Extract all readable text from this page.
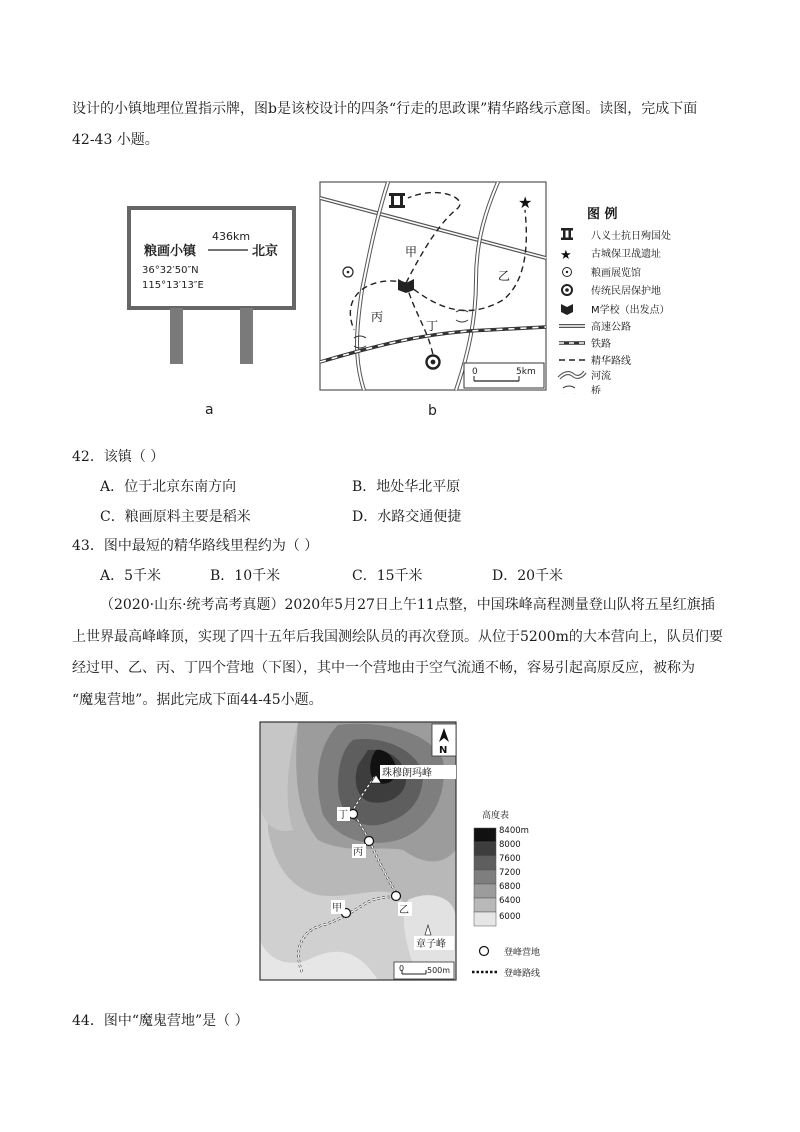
设计的小镇地理位置指示牌，图b是该校设计的四条“行走的思政课”精华路线示意图。读图，完成下面
42-43 小题。
粮画小镇
436km
北京
36°32′50″N
115°13′13″E
a
★
甲
乙
丙
丁
0	5km
b
图 例
★
八义士抗日殉国处
古城保卫战遗址
粮画展览馆
传统民居保护地
M学校（出发点）
高速公路
铁路
精华路线
河流
桥
42．该镇（ ）
A．位于北京东南方向	B．地处华北平原
C．粮画原料主要是稻米	D．水路交通便捷
43．图中最短的精华路线里程约为（ ）
A．5千米	B．10千米	C．15千米	D．20千米
（2020·山东·统考高考真题）2020年5月27日上午11点整，中国珠峰高程测量登山队将五星红旗插
上世界最高峰峰顶，实现了四十五年后我国测绘队员的再次登顶。从位于5200m的大本营向上，队员们要
经过甲、乙、丙、丁四个营地（下图），其中一个营地由于空气流通不畅，容易引起高原反应，被称为
“魔鬼营地”。据此完成下面44-45小题。
N
珠穆朗玛峰
丁
丙
乙
甲
章子峰
0	500m
高度表
8400m
8000
7600
7200
6800
6400
6000
登峰营地
登峰路线
44．图中“魔鬼营地”是（ ）
